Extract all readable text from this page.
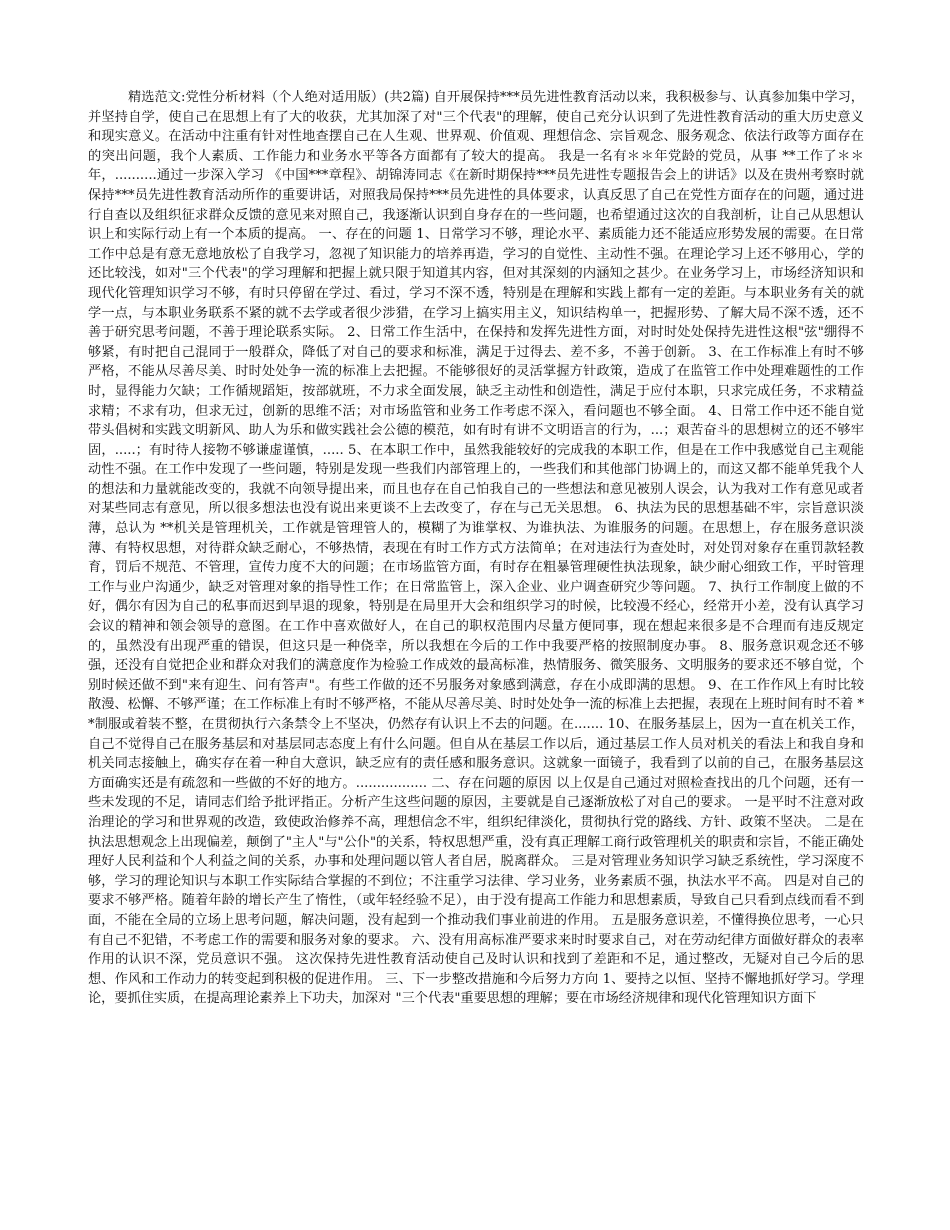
精选范文:党性分析材料（个人绝对适用版）(共2篇) 自开展保持***员先进性教育活动以来，我积极参与、认真参加集中学习，并坚持自学，使自己在思想上有了大的收获，尤其加深了对"三个代表"的理解，使自己充分认识到了先进性教育活动的重大历史意义和现实意义。在活动中注重有针对性地查摆自己在人生观、世界观、价值观、理想信念、宗旨观念、服务观念、依法行政等方面存在的突出问题，我个人素质、工作能力和业务水平等各方面都有了较大的提高。 我是一名有＊＊年党龄的党员，从事 **工作了＊＊年，..........通过一步深入学习 《中国***章程》、胡锦涛同志《在新时期保持***员先进性专题报告会上的讲话》以及在贵州考察时就保持***员先进性教育活动所作的重要讲话，对照我局保持***员先进性的具体要求，认真反思了自己在党性方面存在的问题，通过进行自查以及组织征求群众反馈的意见来对照自己，我逐渐认识到自身存在的一些问题，也希望通过这次的自我剖析，让自己从思想认识上和实际行动上有一个本质的提高。 一、存在的问题 1、日常学习不够，理论水平、素质能力还不能适应形势发展的需要。在日常工作中总是有意无意地放松了自我学习，忽视了知识能力的培养再造，学习的自觉性、主动性不强。在理论学习上还不够用心，学的还比较浅，如对"三个代表"的学习理解和把握上就只限于知道其内容，但对其深刻的内涵知之甚少。在业务学习上，市场经济知识和现代化管理知识学习不够，有时只停留在学过、看过，学习不深不透，特别是在理解和实践上都有一定的差距。与本职业务有关的就学一点，与本职业务联系不紧的就不去学或者很少涉猎，在学习上搞实用主义，知识结构单一，把握形势、了解大局不深不透，还不善于研究思考问题，不善于理论联系实际。 2、日常工作生活中，在保持和发挥先进性方面，对时时处处保持先进性这根"弦"绷得不够紧，有时把自己混同于一般群众，降低了对自己的要求和标准，满足于过得去、差不多，不善于创新。 3、在工作标准上有时不够严格，不能从尽善尽美、时时处处争一流的标准上去把握。不能够很好的灵活掌握方针政策，造成了在监管工作中处理难题性的工作时，显得能力欠缺；工作循规蹈矩，按部就班，不力求全面发展，缺乏主动性和创造性，满足于应付本职，只求完成任务，不求精益求精；不求有功，但求无过，创新的思维不活；对市场监管和业务工作考虑不深入，看问题也不够全面。 4、日常工作中还不能自觉带头倡树和实践文明新风、助人为乐和做实践社会公德的模范，如有时有讲不文明语言的行为，...；艰苦奋斗的思想树立的还不够牢固，.....；有时待人接物不够谦虚谨慎，..... 5、在本职工作中，虽然我能较好的完成我的本职工作，但是在工作中我感觉自己主观能动性不强。在工作中发现了一些问题，特别是发现一些我们内部管理上的，一些我们和其他部门协调上的，而这又都不能单凭我个人的想法和力量就能改变的，我就不向领导提出来，而且也存在自己怕我自己的一些想法和意见被别人误会，认为我对工作有意见或者对某些同志有意见，所以很多想法也没有说出来更谈不上去改变了，存在与己无关思想。 6、执法为民的思想基础不牢，宗旨意识淡薄，总认为 **机关是管理机关，工作就是管理管人的，模糊了为谁掌权、为谁执法、为谁服务的问题。在思想上，存在服务意识淡薄、有特权思想，对待群众缺乏耐心，不够热情，表现在有时工作方式方法简单；在对违法行为查处时，对处罚对象存在重罚款轻教育，罚后不规范、不管理，宣传力度不大的问题；在市场监管方面，有时存在粗暴管理硬性执法现象，缺少耐心细致工作，平时管理工作与业户沟通少，缺乏对管理对象的指导性工作；在日常监管上，深入企业、业户调查研究少等问题。 7、执行工作制度上做的不好，偶尔有因为自己的私事而迟到早退的现象，特别是在局里开大会和组织学习的时候，比较漫不经心，经常开小差，没有认真学习会议的精神和领会领导的意图。在工作中喜欢做好人，在自己的职权范围内尽量方便同事，现在想起来很多是不合理而有违反规定的，虽然没有出现严重的错误，但这只是一种侥幸，所以我想在今后的工作中我要严格的按照制度办事。 8、服务意识观念还不够强，还没有自觉把企业和群众对我们的满意度作为检验工作成效的最高标准，热情服务、微笑服务、文明服务的要求还不够自觉，个别时候还做不到"来有迎生、问有答声"。有些工作做的还不另服务对象感到满意，存在小成即满的思想。 9、在工作作风上有时比较散漫、松懈、不够严谨；在工作标准上有时不够严格，不能从尽善尽美、时时处处争一流的标准上去把握，表现在上班时间有时不着 **制服或着装不整，在贯彻执行六条禁令上不坚决，仍然存有认识上不去的问题。在....... 10、在服务基层上，因为一直在机关工作，自己不觉得自己在服务基层和对基层同志态度上有什么问题。但自从在基层工作以后，通过基层工作人员对机关的看法上和我自身和机关同志接触上，确实存在着一种自大意识，缺乏应有的责任感和服务意识。这就象一面镜子，我看到了以前的自己，在服务基层这方面确实还是有疏忽和一些做的不好的地方。................. 二、存在问题的原因 以上仅是自己通过对照检查找出的几个问题，还有一些未发现的不足，请同志们给予批评指正。分析产生这些问题的原因，主要就是自己逐渐放松了对自己的要求。 一是平时不注意对政治理论的学习和世界观的改造，致使政治修养不高，理想信念不牢，组织纪律淡化，贯彻执行党的路线、方针、政策不坚决。 二是在执法思想观念上出现偏差，颠倒了"主人"与"公仆"的关系，特权思想严重，没有真正理解工商行政管理机关的职责和宗旨，不能正确处理好人民利益和个人利益之间的关系，办事和处理问题以管人者自居，脱离群众。 三是对管理业务知识学习缺乏系统性，学习深度不够，学习的理论知识与本职工作实际结合掌握的不到位；不注重学习法律、学习业务，业务素质不强，执法水平不高。 四是对自己的要求不够严格。随着年龄的增长产生了惰性，（或年轻经验不足），由于没有提高工作能力和思想素质，导致自己只看到点线而看不到面，不能在全局的立场上思考问题，解决问题，没有起到一个推动我们事业前进的作用。 五是服务意识差，不懂得换位思考，一心只有自己不犯错，不考虑工作的需要和服务对象的要求。 六、没有用高标准严要求来时时要求自己，对在劳动纪律方面做好群众的表率作用的认识不深，党员意识不强。 这次保持先进性教育活动使自己及时认识和找到了差距和不足，通过整改，无疑对自己今后的思想、作风和工作动力的转变起到积极的促进作用。 三、下一步整改措施和今后努力方向 1、要持之以恒、坚持不懈地抓好学习。学理论，要抓住实质，在提高理论素养上下功夫，加深对 "三个代表"重要思想的理解；要在市场经济规律和现代化管理知识方面下
